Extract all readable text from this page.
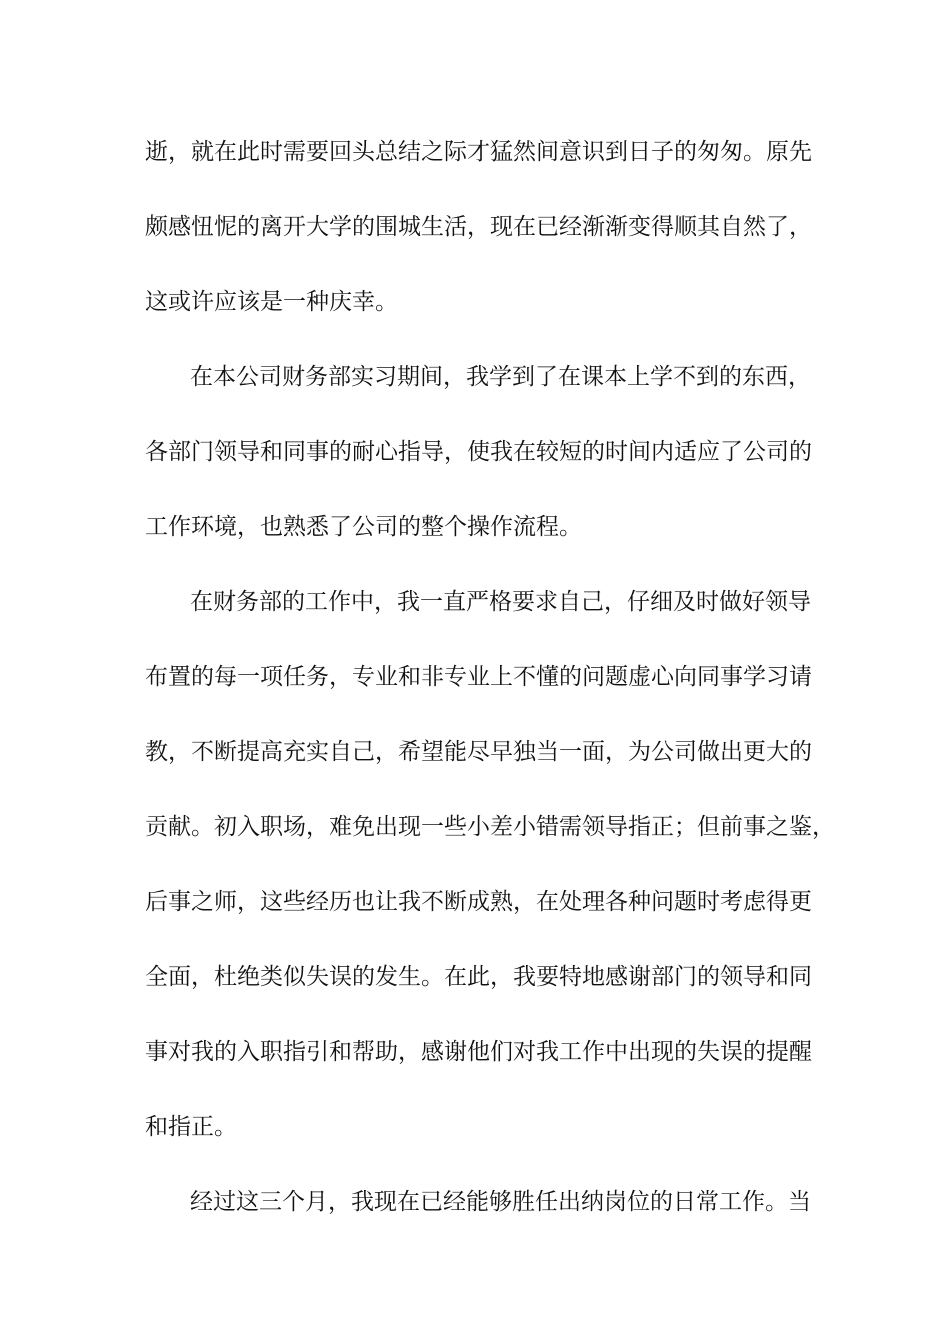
逝，就在此时需要回头总结之际才猛然间意识到日子的匆匆。原先
颇感忸怩的离开大学的围城生活，现在已经渐渐变得顺其自然了，
这或许应该是一种庆幸。
在本公司财务部实习期间，我学到了在课本上学不到的东西，
各部门领导和同事的耐心指导，使我在较短的时间内适应了公司的
工作环境，也熟悉了公司的整个操作流程。
在财务部的工作中，我一直严格要求自己，仔细及时做好领导
布置的每一项任务，专业和非专业上不懂的问题虚心向同事学习请
教，不断提高充实自己，希望能尽早独当一面，为公司做出更大的
贡献。初入职场，难免出现一些小差小错需领导指正；但前事之鉴，
后事之师，这些经历也让我不断成熟，在处理各种问题时考虑得更
全面，杜绝类似失误的发生。在此，我要特地感谢部门的领导和同
事对我的入职指引和帮助，感谢他们对我工作中出现的失误的提醒
和指正。
经过这三个月，我现在已经能够胜任出纳岗位的日常工作。当
